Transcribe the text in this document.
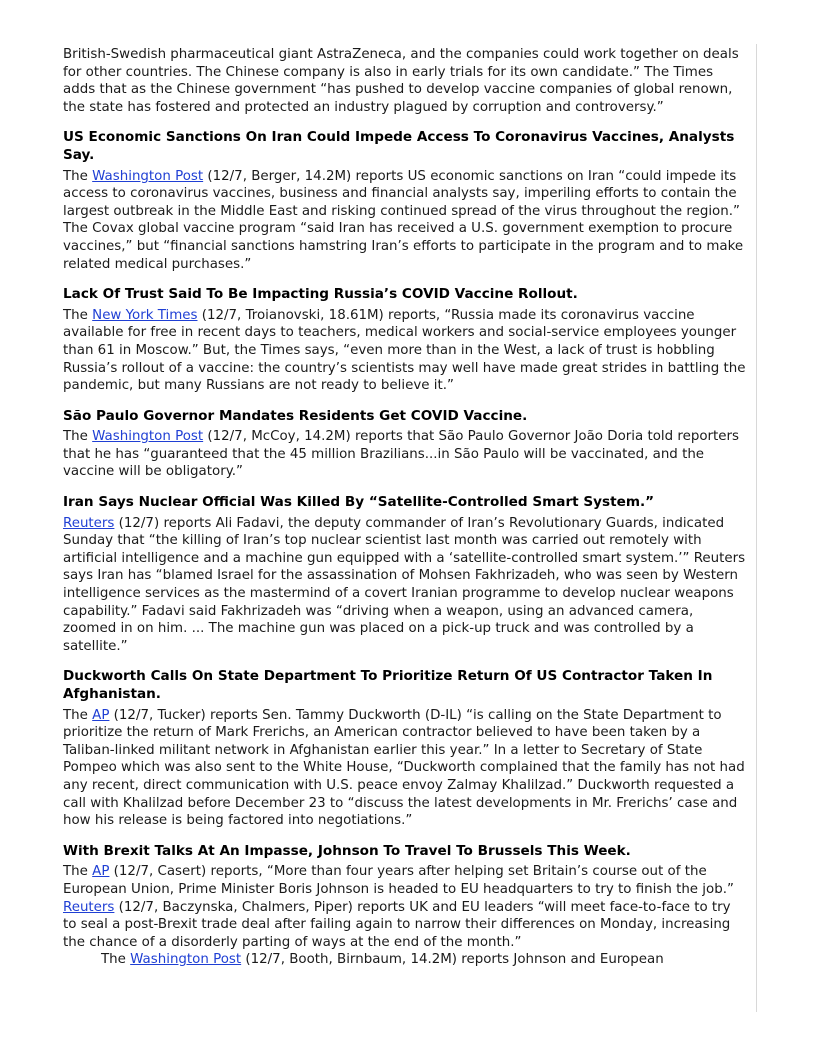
British-Swedish pharmaceutical giant AstraZeneca, and the companies could work together on deals for other countries. The Chinese company is also in early trials for its own candidate.” The Times adds that as the Chinese government “has pushed to develop vaccine companies of global renown, the state has fostered and protected an industry plagued by corruption and controversy.”

US Economic Sanctions On Iran Could Impede Access To Coronavirus Vaccines, Analysts Say.

The Washington Post (12/7, Berger, 14.2M) reports US economic sanctions on Iran “could impede its access to coronavirus vaccines, business and financial analysts say, imperiling efforts to contain the largest outbreak in the Middle East and risking continued spread of the virus throughout the region.” The Covax global vaccine program “said Iran has received a U.S. government exemption to procure vaccines,” but “financial sanctions hamstring Iran’s efforts to participate in the program and to make related medical purchases.”

Lack Of Trust Said To Be Impacting Russia’s COVID Vaccine Rollout.

The New York Times (12/7, Troianovski, 18.61M) reports, “Russia made its coronavirus vaccine available for free in recent days to teachers, medical workers and social-service employees younger than 61 in Moscow.” But, the Times says, “even more than in the West, a lack of trust is hobbling Russia’s rollout of a vaccine: the country’s scientists may well have made great strides in battling the pandemic, but many Russians are not ready to believe it.”

São Paulo Governor Mandates Residents Get COVID Vaccine.

The Washington Post (12/7, McCoy, 14.2M) reports that São Paulo Governor João Doria told reporters that he has “guaranteed that the 45 million Brazilians...in São Paulo will be vaccinated, and the vaccine will be obligatory.”

Iran Says Nuclear Official Was Killed By “Satellite-Controlled Smart System.”

Reuters (12/7) reports Ali Fadavi, the deputy commander of Iran’s Revolutionary Guards, indicated Sunday that “the killing of Iran’s top nuclear scientist last month was carried out remotely with artificial intelligence and a machine gun equipped with a ‘satellite-controlled smart system.’” Reuters says Iran has “blamed Israel for the assassination of Mohsen Fakhrizadeh, who was seen by Western intelligence services as the mastermind of a covert Iranian programme to develop nuclear weapons capability.” Fadavi said Fakhrizadeh was “driving when a weapon, using an advanced camera, zoomed in on him. ... The machine gun was placed on a pick-up truck and was controlled by a satellite.”

Duckworth Calls On State Department To Prioritize Return Of US Contractor Taken In Afghanistan.

The AP (12/7, Tucker) reports Sen. Tammy Duckworth (D-IL) “is calling on the State Department to prioritize the return of Mark Frerichs, an American contractor believed to have been taken by a Taliban-linked militant network in Afghanistan earlier this year.” In a letter to Secretary of State Pompeo which was also sent to the White House, “Duckworth complained that the family has not had any recent, direct communication with U.S. peace envoy Zalmay Khalilzad.” Duckworth requested a call with Khalilzad before December 23 to “discuss the latest developments in Mr. Frerichs’ case and how his release is being factored into negotiations.”

With Brexit Talks At An Impasse, Johnson To Travel To Brussels This Week.

The AP (12/7, Casert) reports, “More than four years after helping set Britain’s course out of the European Union, Prime Minister Boris Johnson is headed to EU headquarters to try to finish the job.” Reuters (12/7, Baczynska, Chalmers, Piper) reports UK and EU leaders “will meet face-to-face to try to seal a post-Brexit trade deal after failing again to narrow their differences on Monday, increasing the chance of a disorderly parting of ways at the end of the month.”

The Washington Post (12/7, Booth, Birnbaum, 14.2M) reports Johnson and European
